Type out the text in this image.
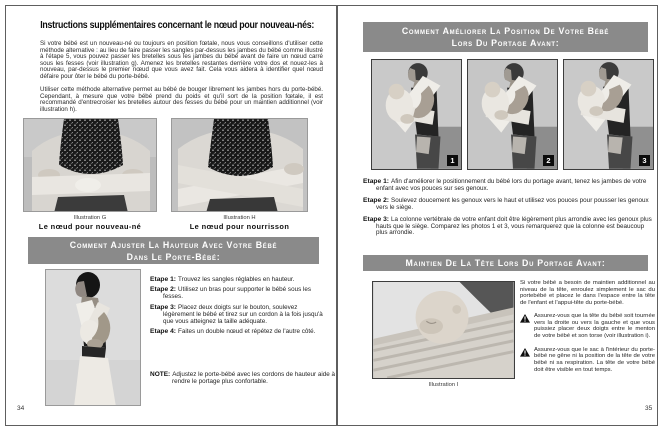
Instructions supplémentaires concernant le nœud pour nouveau-nés:
Si votre bébé est un nouveau-né ou toujours en position fœtale, nous vous conseillons d'utiliser cette méthode alternative : au lieu de faire passer les sangles par-dessus les jambes du bébé comme illustré à l'étape 5, vous pouvez passer les bretelles sous les jambes du bébé avant de faire un nœud carré sous les fesses (voir illustration g). Amenez les bretelles restantes derrière votre dos et nouez-les à nouveau, par-dessus le premier nœud que vous avez fait. Cela vous aidera à identifier quel nœud défaire pour ôter le bébé du porte-bébé.
Utiliser cette méthode alternative permet au bébé de bouger librement les jambes hors du porte-bébé. Cependant, à mesure que votre bébé prend du poids et qu'il sort de la position fœtale, il est recommandé d'entrecroiser les bretelles autour des fesses du bébé pour un maintien additionnel (voir illustration h).
Illustration G
Le nœud pour nouveau-né
Illustration H
Le nœud pour nourrisson
Comment Ajuster La Hauteur Avec Votre Bébé Dans Le Porte-Bébé:
Etape 1: Trouvez les sangles réglables en hauteur.
Etape 2: Utilisez un bras pour supporter le bébé sous les fesses.
Etape 3: Placez deux doigts sur le bouton, soulevez légèrement le bébé et tirez sur un cordon à la fois jusqu'à que vous atteignez la taille adéquate.
Etape 4: Faites un double nœud et répétez de l'autre côté.
NOTE: Adjustez le porte-bébé avec les cordons de hauteur aide à rendre le portage plus confortable.
34
Comment Améliorer La Position De Votre Bébé Lors Du Portage Avant:
1	2	3
Etape 1: Afin d'améliorer le positionnement du bébé lors du portage avant, tenez les jambes de votre enfant avec vos pouces sur ses genoux.
Etape 2: Soulevez doucement les genoux vers le haut et utilisez vos pouces pour pousser les genoux vers le siège.
Etape 3: La colonne vertébrale de votre enfant doit être légèrement plus arrondie avec les genoux plus hauts que le siège. Comparez les photos 1 et 3, vous remarquerez que la colonne est beaucoup plus arrondie.
Maintien De La Tête Lors Du Portage Avant:
Illustration I
Si votre bébé a besoin de maintien additionnel au niveau de la tête, enroulez simplement le sac du portebébé et placez le dans l'espace entre la tête de l'enfant et l'appui-tête du porte-bébé.
Assurez-vous que la tête du bébé soit tournée vers la droite ou vers la gauche et que vous puissiez placer deux doigts entre le menton de votre bébé et son torse (voir illustration i).
Assurez-vous que le sac à l'intérieur du porte-bébé ne gêne ni la position de la tête de votre bébé ni sa respiration. La tête de votre bébé doit être visible en tout temps.
35
